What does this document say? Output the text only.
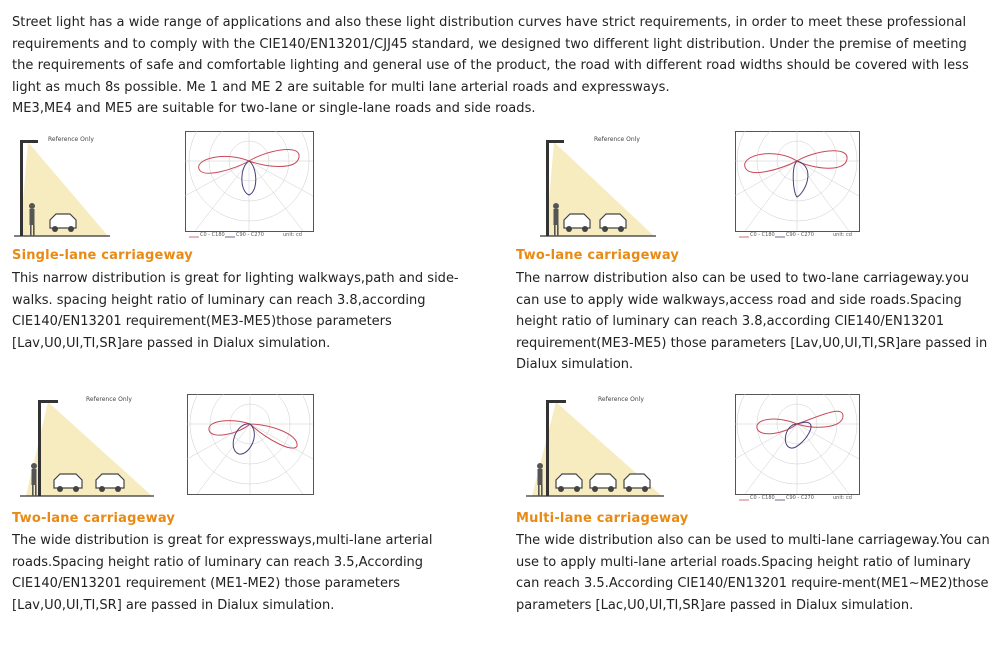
Street light has a wide range of applications and also these light distribution curves have strict requirements, in order to meet these professional requirements and to comply with the CIE140/EN13201/CJJ45 standard, we designed two different light distribution. Under the premise of meeting the requirements of safe and comfortable lighting and general use of the product, the road with different road widths should be covered with less light as much 8s possible. Me 1 and ME 2 are suitable for multi lane arterial roads and expressways.
ME3,ME4 and ME5 are suitable for two-lane or single-lane roads and side roads.

Reference Only
C0 - C180 C90 - C270	unit: cd
Single-lane carriageway

This narrow distribution is great for lighting walkways,path and side-walks. spacing height ratio of luminary can reach 3.8,according CIE140/EN13201 requirement(ME3-ME5)those parameters [Lav,U0,UI,TI,SR]are passed in Dialux simulation.

Reference Only
C0 - C180 C90 - C270	unit: cd
Two-lane carriageway

The narrow distribution also can be used to two-lane carriageway.you can use to apply wide walkways,access road and side roads.Spacing height ratio of luminary can reach 3.8,according CIE140/EN13201 requirement(ME3-ME5) those parameters [Lav,U0,UI,TI,SR]are passed in Dialux simulation.

Reference Only
Two-lane carriageway

The wide distribution is great for expressways,multi-lane arterial roads.Spacing height ratio of luminary can reach 3.5,According CIE140/EN13201 requirement (ME1-ME2) those parameters [Lav,U0,UI,TI,SR] are passed in Dialux simulation.

Reference Only
C0 - C180 C90 - C270	unit: cd
Multi-lane carriageway

The wide distribution also can be used to multi-lane carriageway.You can use to apply multi-lane arterial roads.Spacing height ratio of luminary can reach 3.5.According CIE140/EN13201 require-ment(ME1~ME2)those parameters [Lac,U0,UI,TI,SR]are passed in Dialux simulation.
